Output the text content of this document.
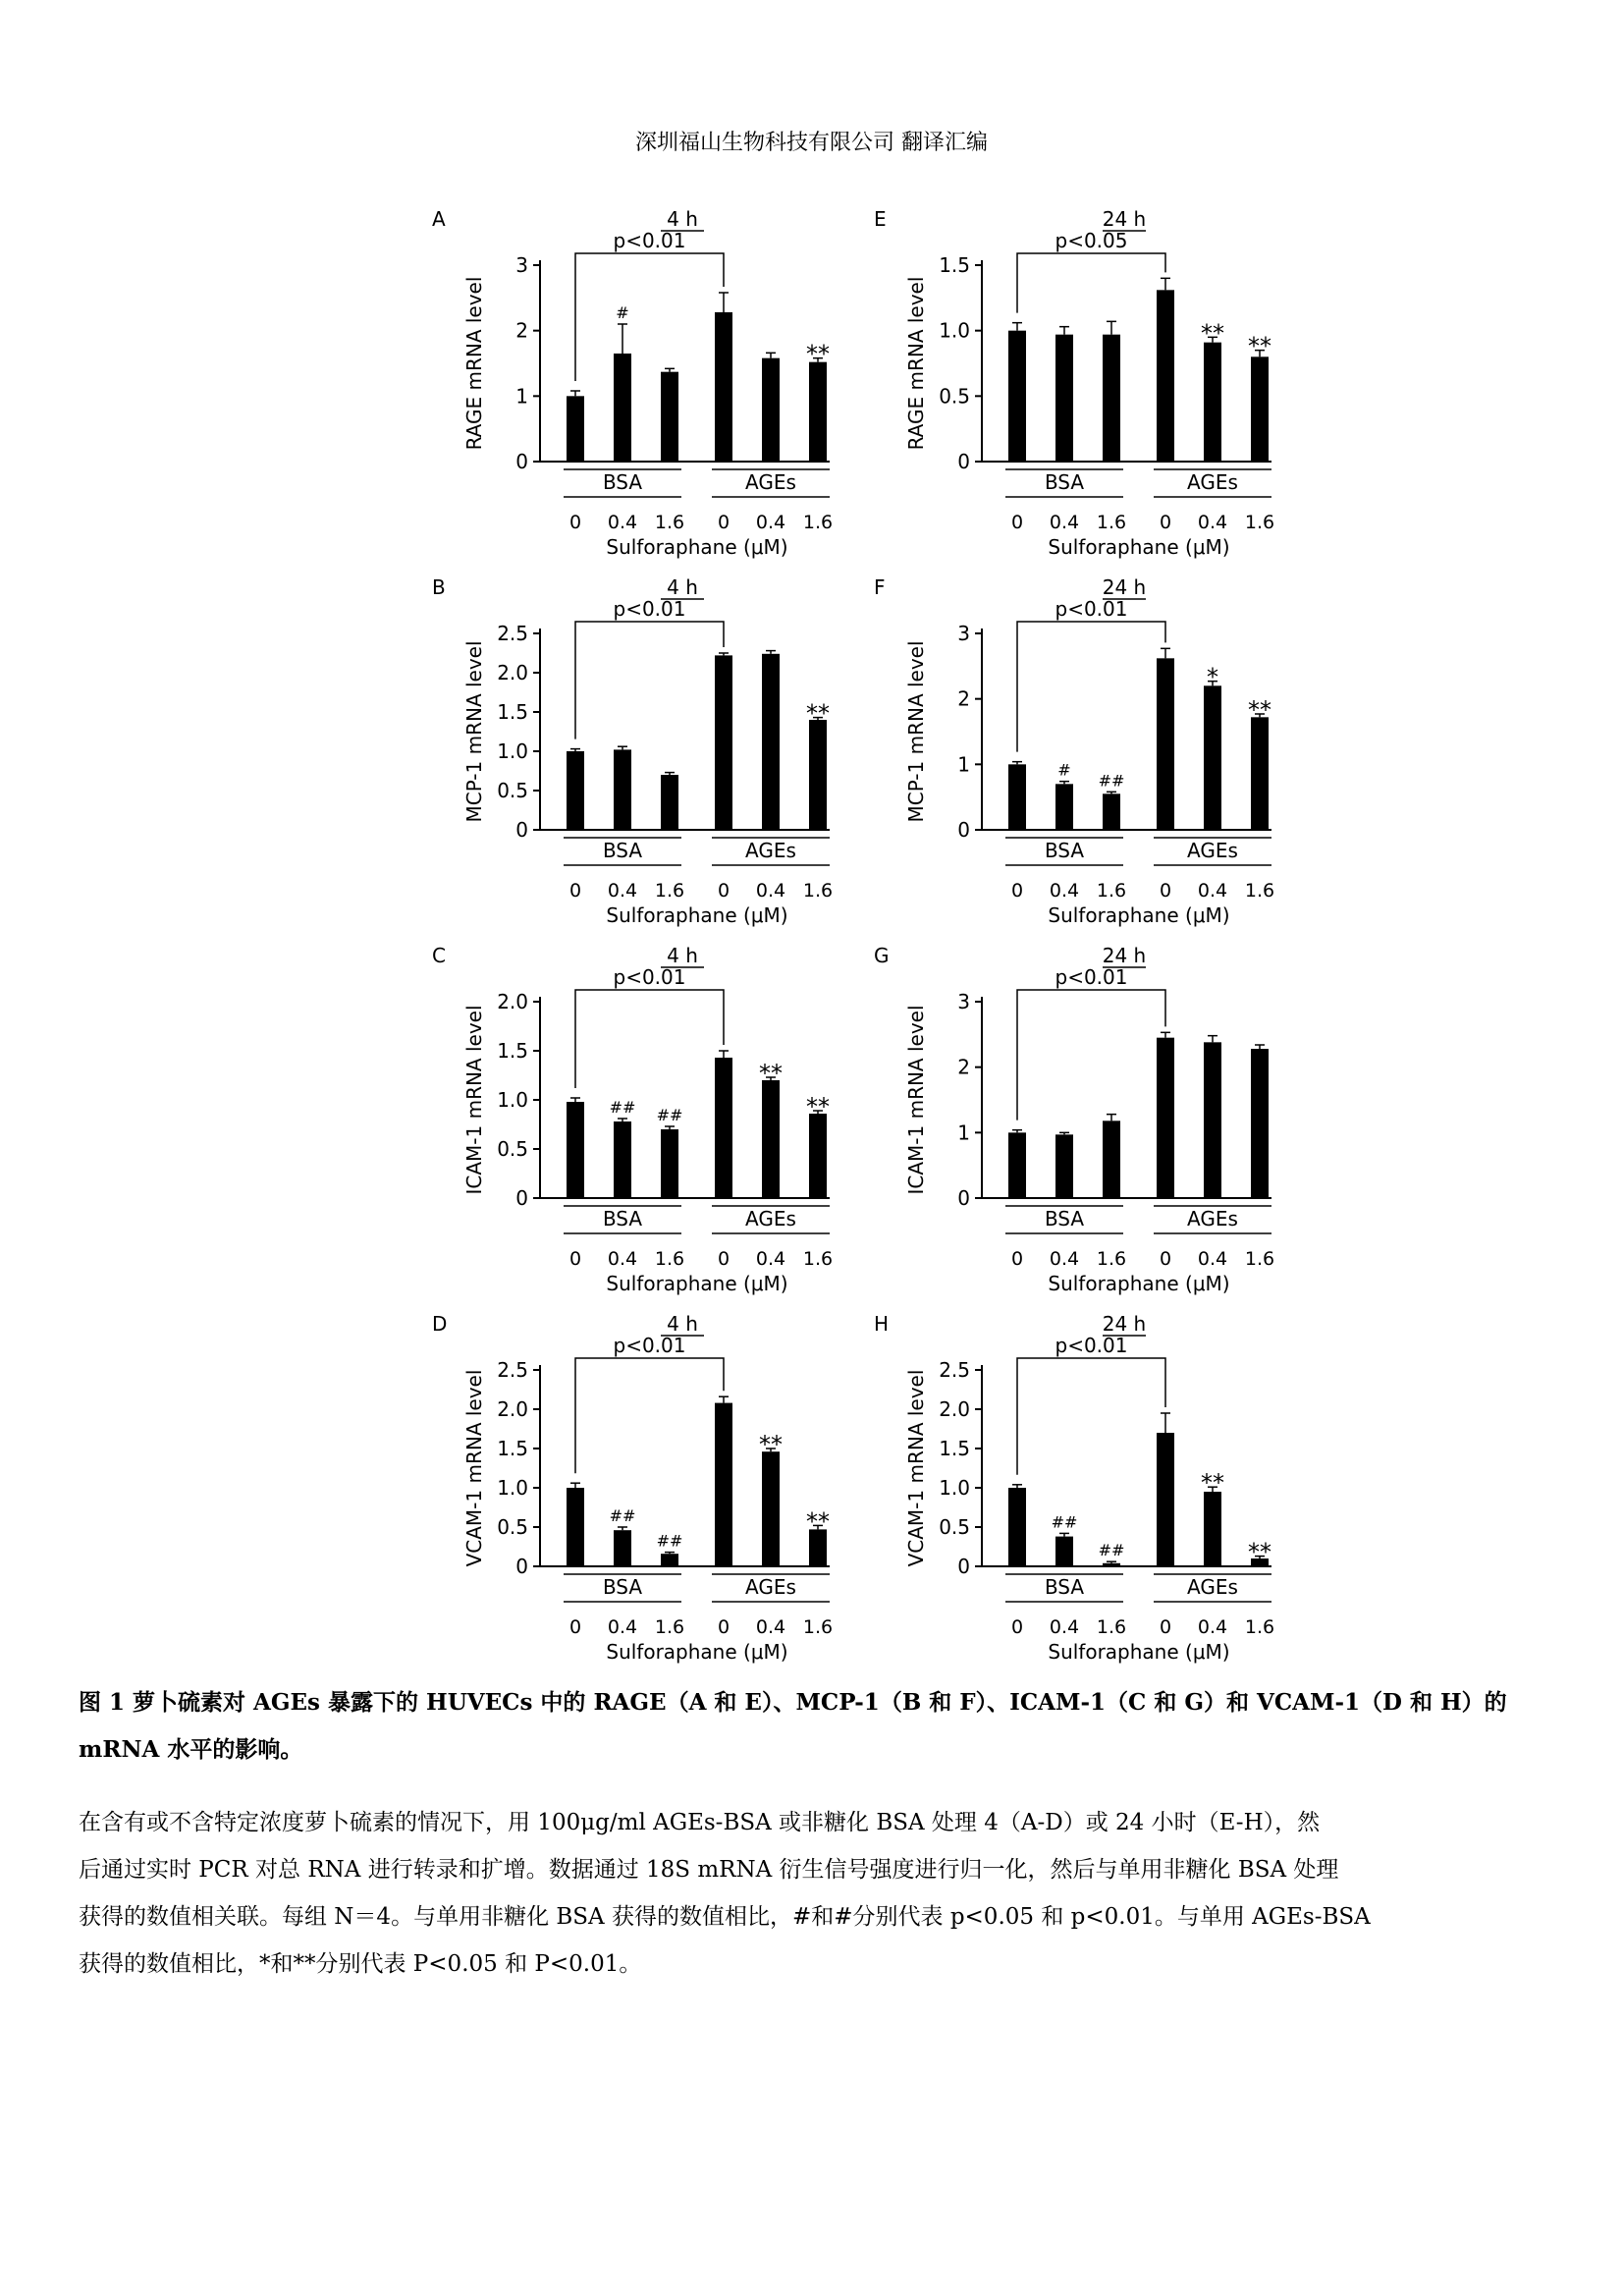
深圳福山生物科技有限公司 翻译汇编
A	4 h
RAGE mRNA level
0
1
2
3
p<0.01
0
#
0.4 1.6 0 0.4
**
1.6
BSA	AGEs
Sulforaphane (μM)
B	4 h
MCP-1 mRNA level
0
0.5
1.0
1.5
2.0
2.5
p<0.01
0 0.4 1.6 0 0.4
**
1.6
BSA	AGEs
Sulforaphane (μM)
C	4 h
ICAM-1 mRNA level
0
0.5
1.0
1.5
2.0
p<0.01
0
##
0.4
##
1.6 0
**
0.4
**
1.6
BSA	AGEs
Sulforaphane (μM)
D	4 h
VCAM-1 mRNA level 0
0.5
1.0
1.5
2.0
2.5
p<0.01
0
##
0.4
##
1.6 0
**
0.4
**
1.6
BSA	AGEs
Sulforaphane (μM)
E	24 h
RAGE mRNA level
0
0.5
1.0
1.5
p<0.05
0 0.4 1.6 0
**
0.4
**
1.6
BSA	AGEs
Sulforaphane (μM)
F	24 h
MCP-1 mRNA level
0
1
2
3
p<0.01
0
#
0.4
##
1.6 0
*
0.4
**
1.6
BSA	AGEs
Sulforaphane (μM)
G	24 h
ICAM-1 mRNA level
0
1
2
3
p<0.01
0 0.4 1.6 0 0.4 1.6
BSA	AGEs
Sulforaphane (μM)
H	24 h
VCAM-1 mRNA level 0
0.5
1.0
1.5
2.0
2.5
p<0.01
0
##
0.4
##
1.6 0
**
0.4
**
1.6
BSA	AGEs
Sulforaphane (μM)

图 1 萝卜硫素对 AGEs 暴露下的 HUVECs 中的 RAGE（A 和 E）、MCP-1（B 和 F）、ICAM-1（C 和 G）和 VCAM-1（D 和 H）的

mRNA 水平的影响。

在含有或不含特定浓度萝卜硫素的情况下，用 100μg/ml AGEs-BSA 或非糖化 BSA 处理 4（A-D）或 24 小时（E-H），然

后通过实时 PCR 对总 RNA 进行转录和扩增。数据通过 18S mRNA 衍生信号强度进行归一化，然后与单用非糖化 BSA 处理

获得的数值相关联。每组 N＝4。与单用非糖化 BSA 获得的数值相比，#和#分别代表 p<0.05 和 p<0.01。与单用 AGEs-BSA

获得的数值相比，*和**分别代表 P<0.05 和 P<0.01。
